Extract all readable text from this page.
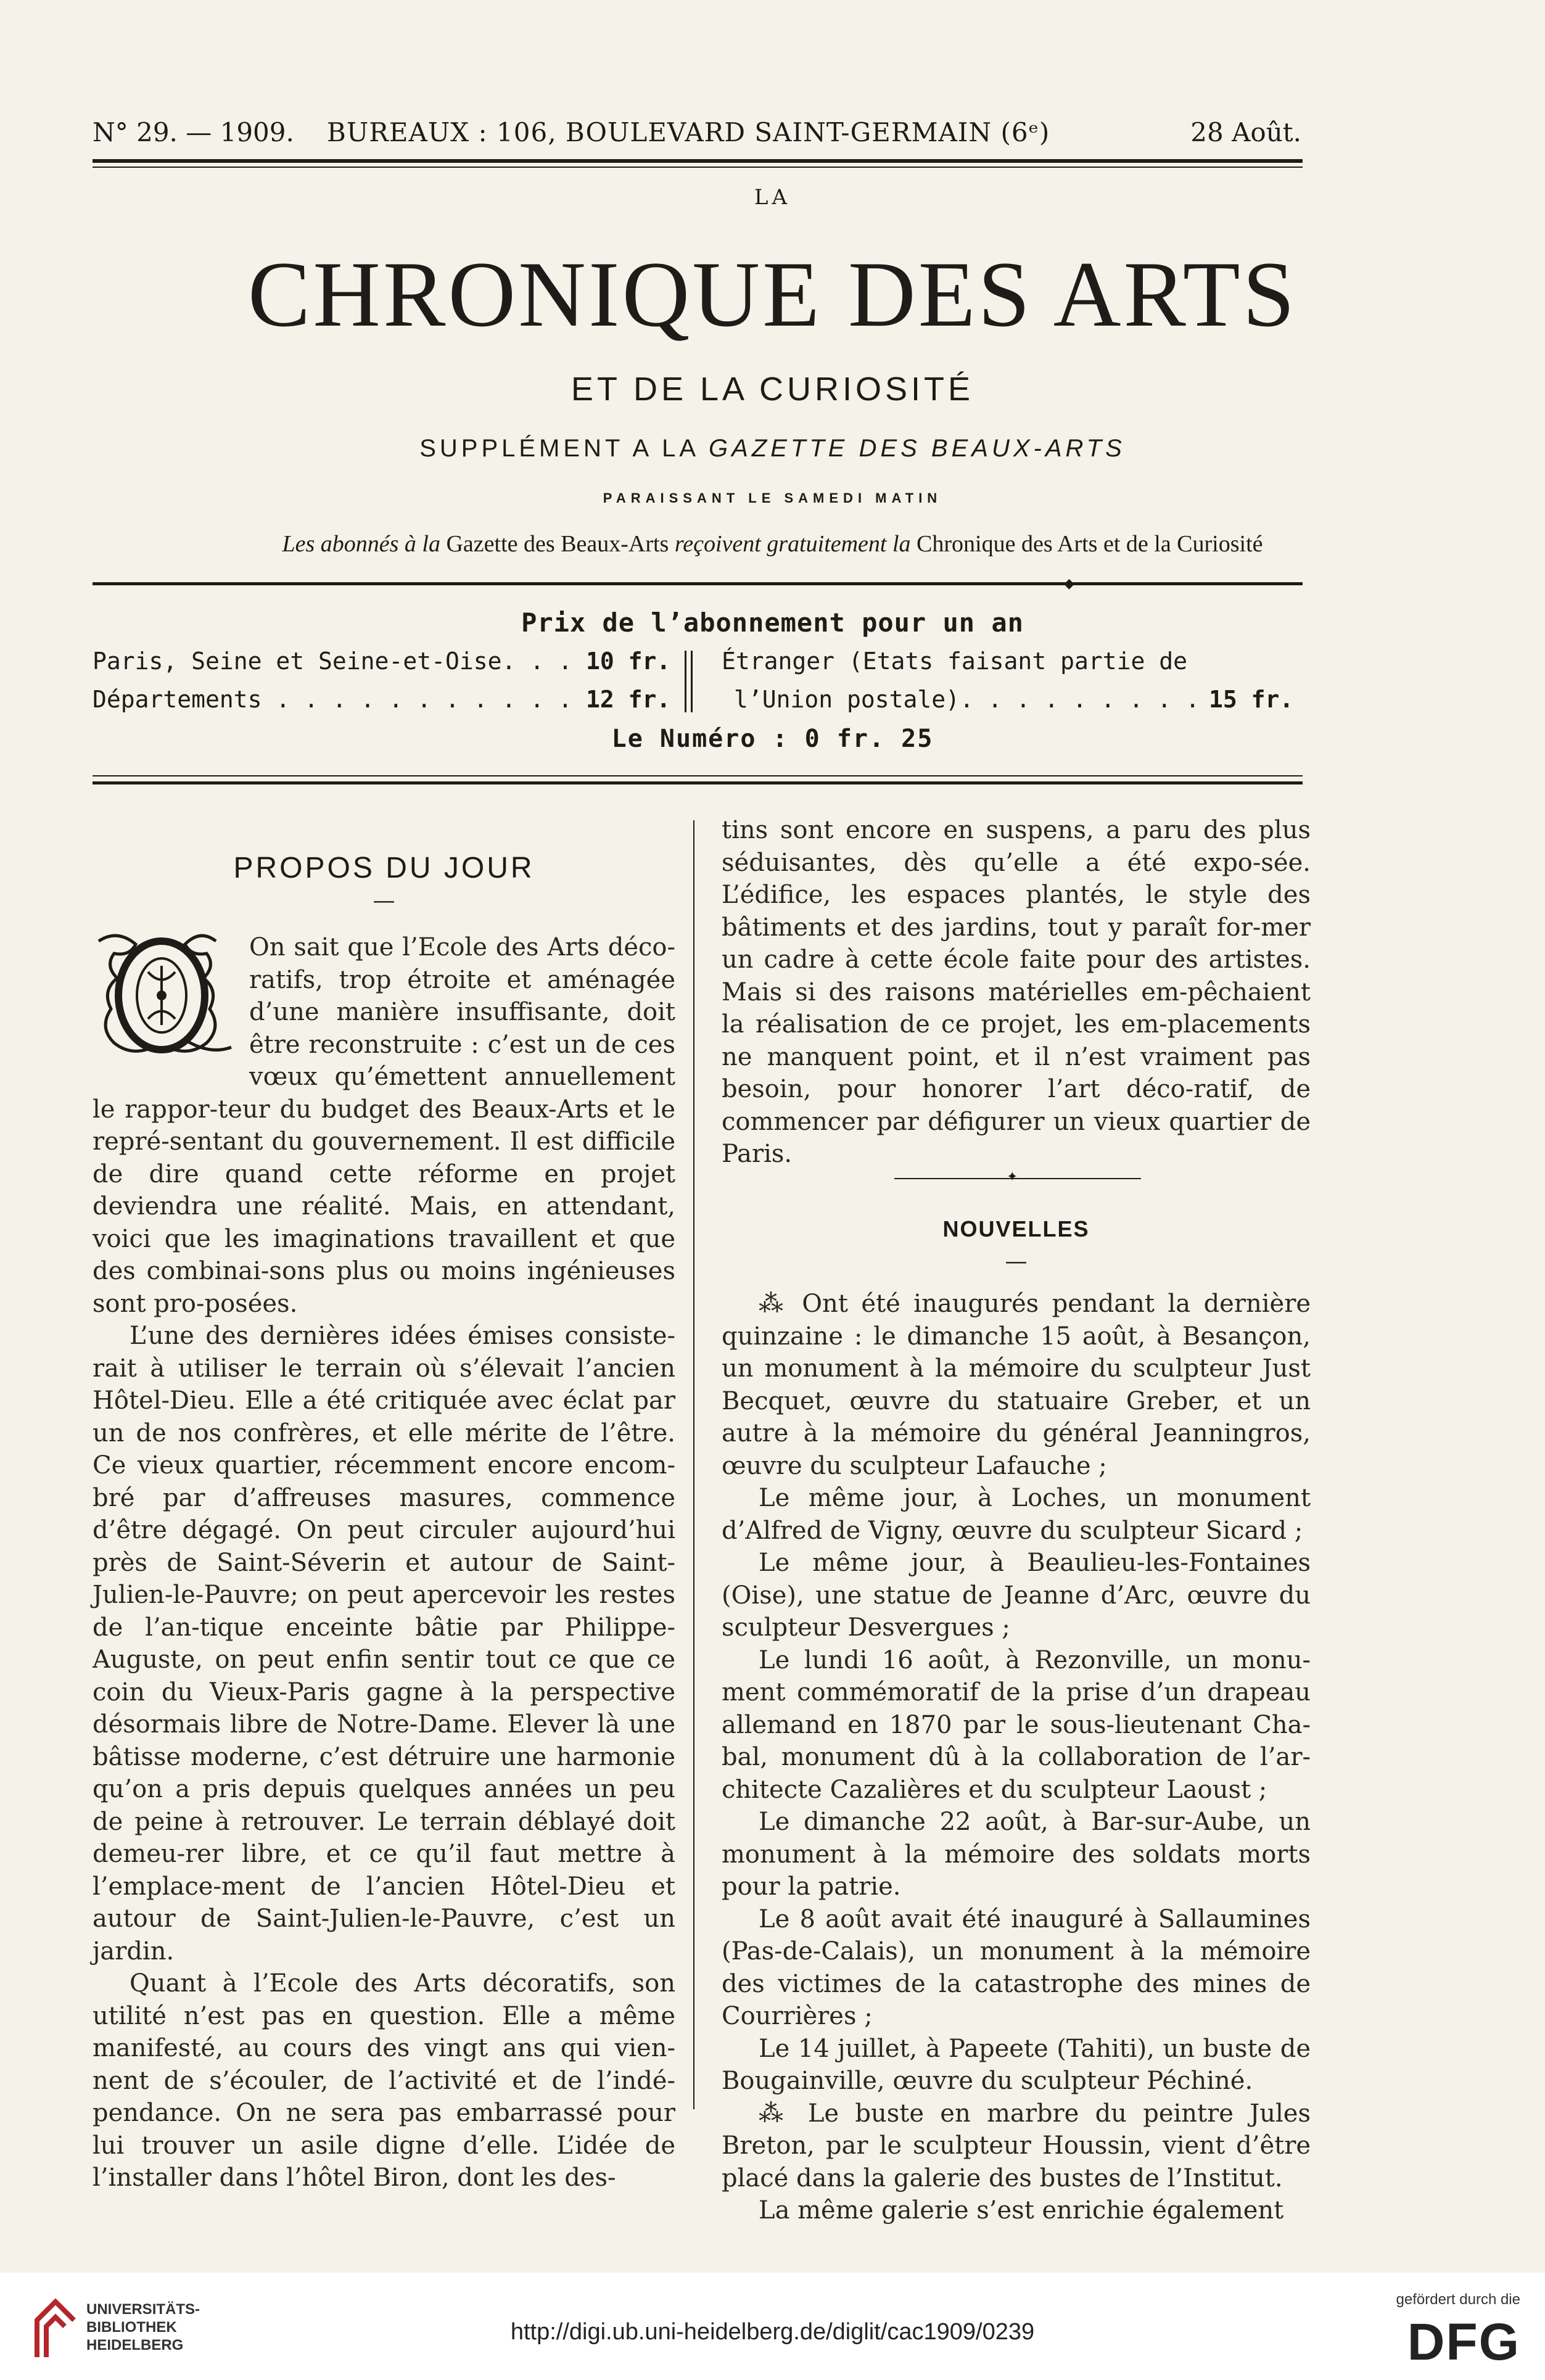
N° 29. — 1909. BUREAUX : 106, BOULEVARD SAINT-GERMAIN (6ᵉ)	28 Août.
LA
CHRONIQUE DES ARTS
ET DE LA CURIOSITÉ
SUPPLÉMENT A LA GAZETTE DES BEAUX-ARTS
PARAISSANT LE SAMEDI MATIN
Les abonnés à la Gazette des Beaux-Arts reçoivent gratuitement la Chronique des Arts et de la Curiosité
◆
Prix de l’abonnement pour un an
Paris, Seine et Seine-et-Oise. . . .
10 fr.
Départements . . . . . . . . . . . 12 fr.
Étranger (Etats faisant partie de
l’Union postale). . . . . . . . . 15 fr.
Le Numéro : 0 fr. 25
PROPOS DU JOUR
—

On sait que l’Ecole des Arts déco-ratifs, trop étroite et aménagée d’une manière insuffisante, doit être reconstruite : c’est un de ces vœux qu’émettent annuellement le rappor-teur du budget des Beaux-Arts et le repré-sentant du gouvernement. Il est difficile de dire quand cette réforme en projet deviendra une réalité. Mais, en attendant, voici que les imaginations travaillent et que des combinai-sons plus ou moins ingénieuses sont pro-posées.

L’une des dernières idées émises consiste-rait à utiliser le terrain où s’élevait l’ancien Hôtel-Dieu. Elle a été critiquée avec éclat par un de nos confrères, et elle mérite de l’être. Ce vieux quartier, récemment encore encom-bré par d’affreuses masures, commence d’être dégagé. On peut circuler aujourd’hui près de Saint-Séverin et autour de Saint-Julien-le-Pauvre; on peut apercevoir les restes de l’an-tique enceinte bâtie par Philippe-Auguste, on peut enfin sentir tout ce que ce coin du Vieux-Paris gagne à la perspective désormais libre de Notre-Dame. Elever là une bâtisse moderne, c’est détruire une harmonie qu’on a pris depuis quelques années un peu de peine à retrouver. Le terrain déblayé doit demeu-rer libre, et ce qu’il faut mettre à l’emplace-ment de l’ancien Hôtel-Dieu et autour de Saint-Julien-le-Pauvre, c’est un jardin.

Quant à l’Ecole des Arts décoratifs, son utilité n’est pas en question. Elle a même manifesté, au cours des vingt ans qui vien-nent de s’écouler, de l’activité et de l’indé-pendance. On ne sera pas embarrassé pour lui trouver un asile digne d’elle. L’idée de l’installer dans l’hôtel Biron, dont les des-

tins sont encore en suspens, a paru des plus séduisantes, dès qu’elle a été expo-sée. L’édifice, les espaces plantés, le style des bâtiments et des jardins, tout y paraît for-mer un cadre à cette école faite pour des artistes. Mais si des raisons matérielles em-pêchaient la réalisation de ce projet, les em-placements ne manquent point, et il n’est vraiment pas besoin, pour honorer l’art déco-ratif, de commencer par défigurer un vieux quartier de Paris.

✦
NOUVELLES
—

⁂ Ont été inaugurés pendant la dernière quinzaine : le dimanche 15 août, à Besançon, un monument à la mémoire du sculpteur Just Becquet, œuvre du statuaire Greber, et un autre à la mémoire du général Jeanningros, œuvre du sculpteur Lafauche ;

Le même jour, à Loches, un monument d’Alfred de Vigny, œuvre du sculpteur Sicard ;

Le même jour, à Beaulieu-les-Fontaines (Oise), une statue de Jeanne d’Arc, œuvre du sculpteur Desvergues ;

Le lundi 16 août, à Rezonville, un monu-ment commémoratif de la prise d’un drapeau allemand en 1870 par le sous-lieutenant Cha-bal, monument dû à la collaboration de l’ar-chitecte Cazalières et du sculpteur Laoust ;

Le dimanche 22 août, à Bar-sur-Aube, un monument à la mémoire des soldats morts pour la patrie.

Le 8 août avait été inauguré à Sallaumines (Pas-de-Calais), un monument à la mémoire des victimes de la catastrophe des mines de Courrières ;

Le 14 juillet, à Papeete (Tahiti), un buste de Bougainville, œuvre du sculpteur Péchiné.

⁂ Le buste en marbre du peintre Jules Breton, par le sculpteur Houssin, vient d’être placé dans la galerie des bustes de l’Institut.

La même galerie s’est enrichie également

UNIVERSITÄTS-
BIBLIOTHEK
HEIDELBERG
http://digi.ub.uni-heidelberg.de/diglit/cac1909/0239
gefördert durch die
DFG
